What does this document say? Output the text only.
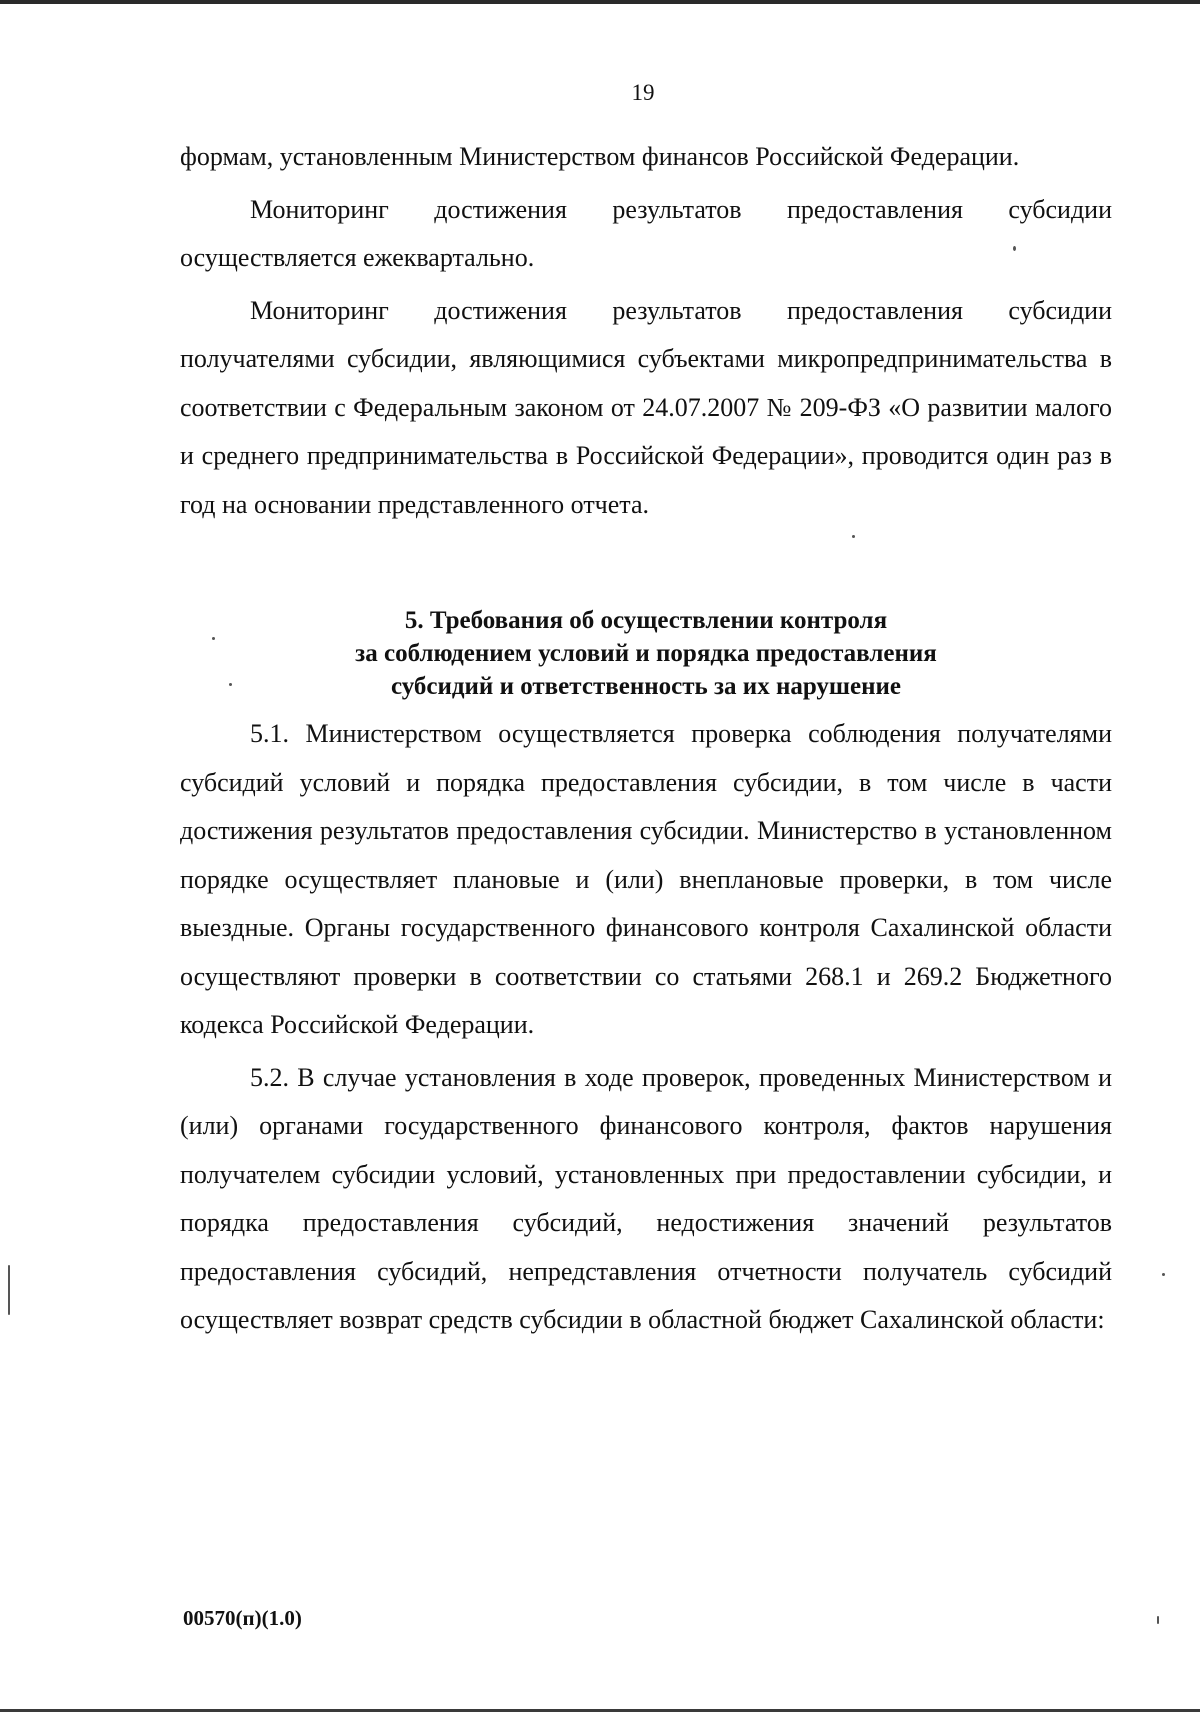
19

формам, установленным Министерством финансов Российской Федерации.

Мониторинг достижения результатов предоставления субсидии осуществляется ежеквартально.

Мониторинг достижения результатов предоставления субсидии получателями субсидии, являющимися субъектами микропредпринимательства в соответствии с Федеральным законом от 24.07.2007 № 209-ФЗ «О развитии малого и среднего предпринимательства в Российской Федерации», проводится один раз в год на основании представленного отчета.

5. Требования об осуществлении контроля
за соблюдением условий и порядка предоставления
субсидий и ответственность за их нарушение

5.1. Министерством осуществляется проверка соблюдения получателями субсидий условий и порядка предоставления субсидии, в том числе в части достижения результатов предоставления субсидии. Министерство в установленном порядке осуществляет плановые и (или) внеплановые проверки, в том числе выездные. Органы государственного финансового контроля Сахалинской области осуществляют проверки в соответствии со статьями 268.1 и 269.2 Бюджетного кодекса Российской Федерации.

5.2. В случае установления в ходе проверок, проведенных Министерством и (или) органами государственного финансового контроля, фактов нарушения получателем субсидии условий, установленных при предоставлении субсидии, и порядка предоставления субсидий, недостижения значений результатов предоставления субсидий, непредставления отчетности получатель субсидий осуществляет возврат средств субсидии в областной бюджет Сахалинской области:

00570(п)(1.0)
